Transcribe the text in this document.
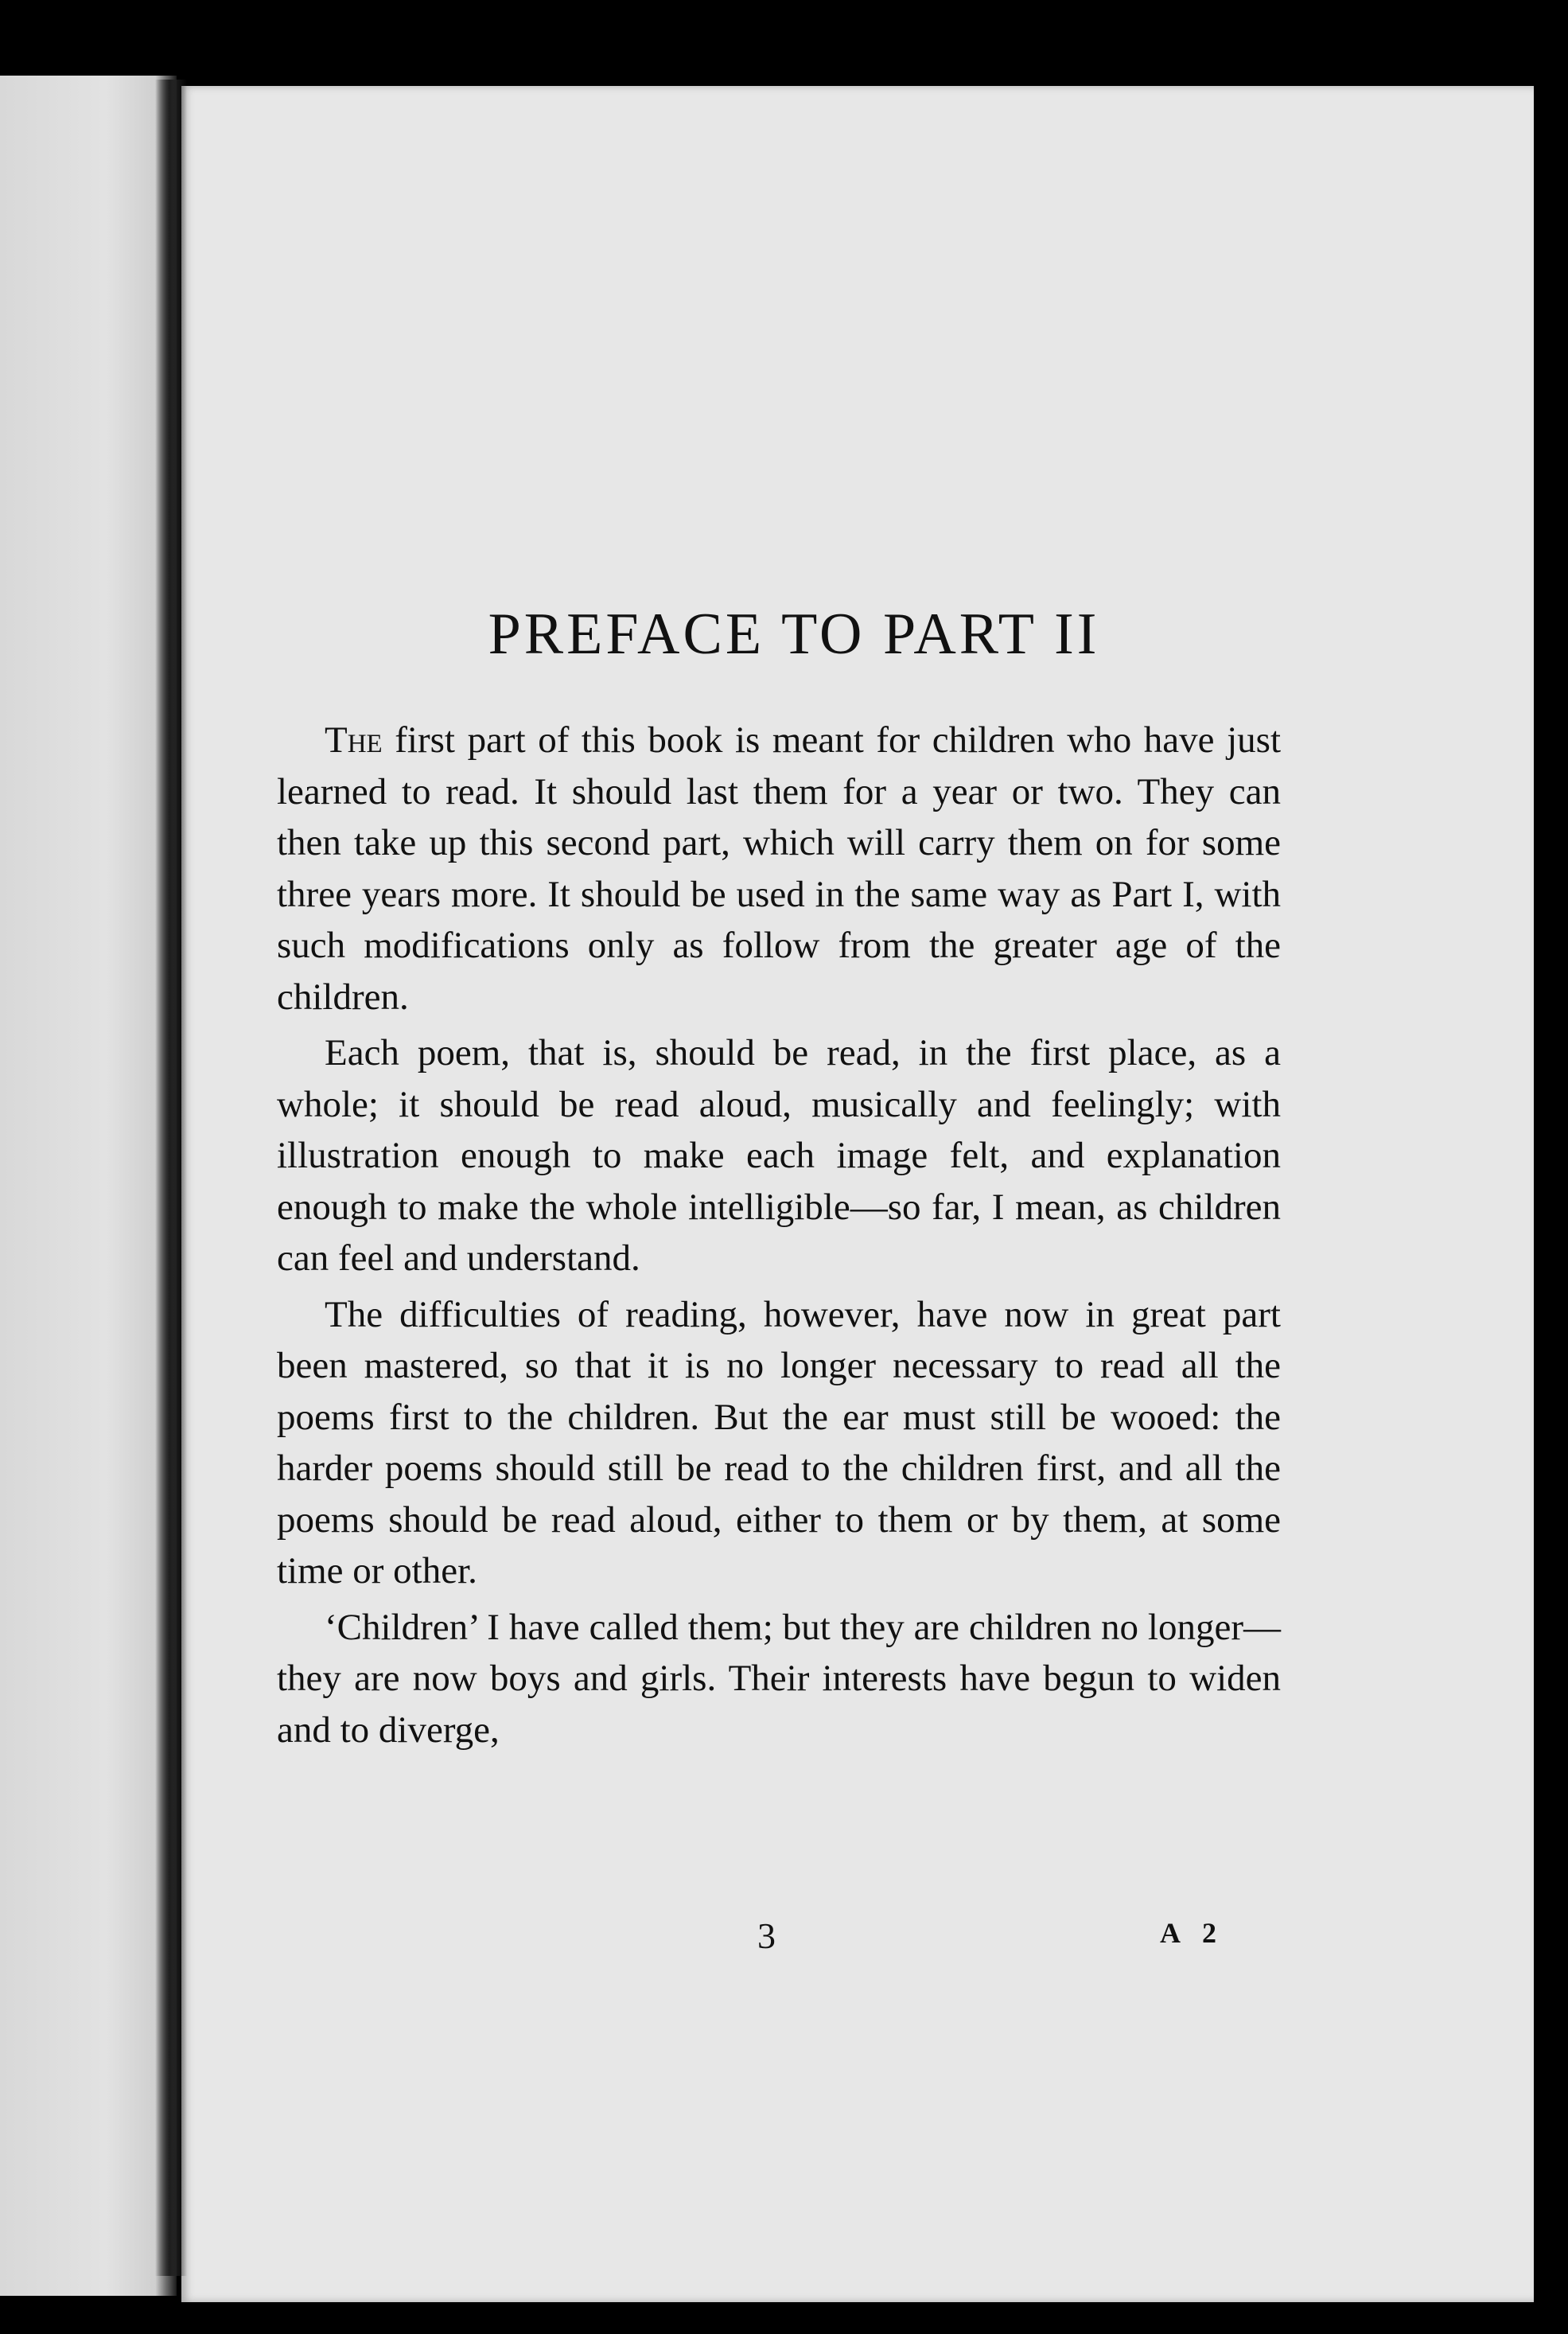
PREFACE TO PART II

The first part of this book is meant for children who have just learned to read. It should last them for a year or two. They can then take up this second part, which will carry them on for some three years more. It should be used in the same way as Part I, with such modifications only as follow from the greater age of the children.

Each poem, that is, should be read, in the first place, as a whole; it should be read aloud, musically and feelingly; with illustration enough to make each image felt, and explanation enough to make the whole intelligible—so far, I mean, as children can feel and understand.

The difficulties of reading, however, have now in great part been mastered, so that it is no longer necessary to read all the poems first to the children. But the ear must still be wooed: the harder poems should still be read to the children first, and all the poems should be read aloud, either to them or by them, at some time or other.

‘Children’ I have called them; but they are children no longer—they are now boys and girls. Their interests have begun to widen and to diverge,

3	A 2
